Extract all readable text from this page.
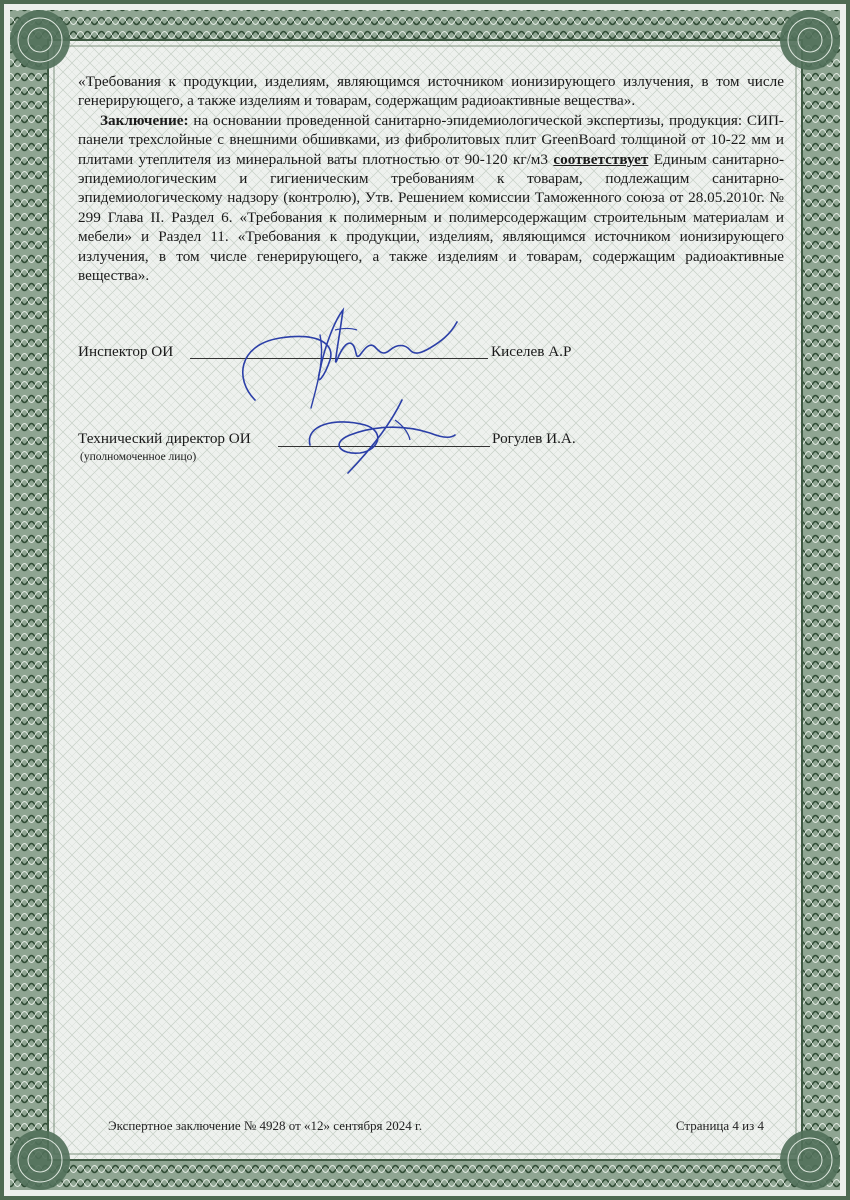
«Требования к продукции, изделиям, являющимся источником ионизирующего излучения, в том числе генерирующего, а также изделиям и товарам, содержащим радиоактивные вещества».

Заключение: на основании проведенной санитарно-эпидемиологической экспертизы, продукция: СИП-панели трехслойные с внешними обшивками, из фибролитовых плит GreenBoard толщиной от 10-22 мм и плитами утеплителя из минеральной ваты плотностью от 90-120 кг/м3 соответствует Единым санитарно-эпидемиологическим и гигиеническим требованиям к товарам, подлежащим санитарно-эпидемиологическому надзору (контролю), Утв. Решением комиссии Таможенного союза от 28.05.2010г. № 299 Глава II. Раздел 6. «Требования к полимерным и полимерсодержащим строительным материалам и мебели» и Раздел 11. «Требования к продукции, изделиям, являющимся источником ионизирующего излучения, в том числе генерирующего, а также изделиям и товарам, содержащим радиоактивные вещества».

Инспектор ОИ	Киселев А.Р
Технический директор ОИ	Рогулев И.А.
(уполномоченное лицо)
Экспертное заключение № 4928 от «12» сентября 2024 г.	Страница 4 из 4
